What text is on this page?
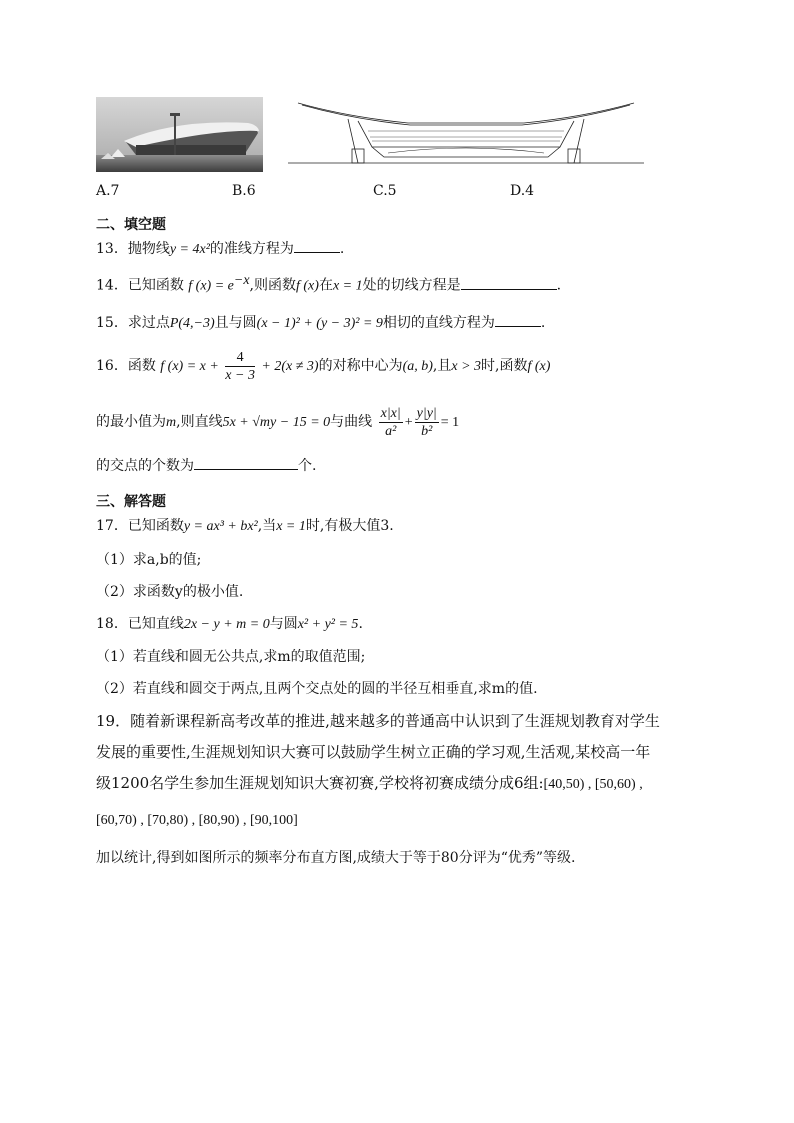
A.7	B.6	C.5	D.4
二、填空题
13．抛物线y = 4x²的准线方程为	.
14．已知函数 f $(x) = e^{-x}$,则函数f (x)在x = 1处的切线方程是	.
15．求过点P(4,−3)且与圆(x − 1)² + (y − 3)² = 9相切的直线方程为	.
16．函数 f $(x) = x + \frac{4}{x - 3} + 2(x \ne 3)$的对称中心为(a, b),且x > 3时,函数f (x)
的最小值为m,则直线5x + √my − 15 = 0与曲线 $\frac{x|x|}{\text{a²}} + \frac{y|y|}{\text{b²}} = 1$
的交点的个数为	个.
三、解答题
17．已知函数y = ax³ + bx²,当x = 1时,有极大值3.
（1）求a,b的值;
（2）求函数y的极小值.
18．已知直线2x − y + m = 0与圆x² + y² = 5.
（1）若直线和圆无公共点,求m的取值范围;
（2）若直线和圆交于两点,且两个交点处的圆的半径互相垂直,求m的值.
19．随着新课程新高考改革的推进,越来越多的普通高中认识到了生涯规划教育对学生
发展的重要性,生涯规划知识大赛可以鼓励学生树立正确的学习观,生活观,某校高一年
级1200名学生参加生涯规划知识大赛初赛,学校将初赛成绩分成6组:[40,50) , [50,60) ,
[60,70) , [70,80) , [80,90) , [90,100]
加以统计,得到如图所示的频率分布直方图,成绩大于等于80分评为“优秀”等级.
